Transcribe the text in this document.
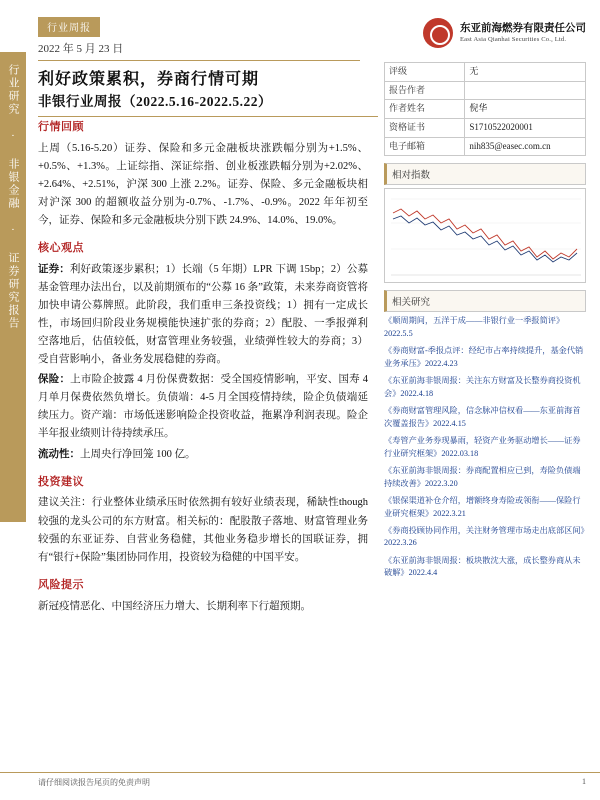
行业周报
2022 年 5 月 23 日
利好政策累积，券商行情可期
非银行业周报（2022.5.16-2022.5.22）
东亚前海燃券有限责任公司
East Asia Qianhai Securities Co., Ltd.
行业研究 · 非银金融 · 证券研究报告	评级	无
报告作者	
作者姓名	倪华
资格证书	S1710522020001
电子邮箱	nih835@easec.com.cn
相对指数
相关研究
《顺周期间，五洋于成——非银行业一季报简评》2022.5.5
《券商财富-季报点评：经纪市占率持续提升，基金代销业务承压》2022.4.23
《东亚前海非银周报：关注东方财富及长整券商投资机会》2022.4.18
《券商财富管理风险，信念脉冲信权看——东亚前海首次覆盖报告》2022.4.15
《寿管产业务券现暴雨，轻资产业务驱动增长——证券行业研究框架》2022.03.18
《东亚前海非银周报：券商配置相应已到，寿险负债端持续改善》2022.3.20
《银保渠道补仓介绍，增额终身寿险或领衔——保险行业研究框架》2022.3.21
《券商投顾协同作用，关注财务管理市场走出底部区间》2022.3.26
《东亚前海非银周报：板块散沈大涨，成长整券商从未破解》2022.4.4
行情回顾
上周（5.16-5.20）证券、保险和多元金融板块涨跌幅分别为+1.5%、+0.5%、+1.3%。上证综指、深证综指、创业板涨跌幅分别为+2.02%、+2.64%、+2.51%，沪深 300 上涨 2.2%。证券、保险、多元金融板块相对沪深 300 的超额收益分别为-0.7%、-1.7%、-0.9%。2022 年年初至今，证券、保险和多元金融板块分别下跌 24.9%、14.0%、19.0%。
核心观点
证券：利好政策逐步累积；1）长端（5 年期）LPR 下调 15bp；2）公募基金管理办法出台，以及前期颁布的“公募 16 条”政策，未来券商资管将加快申请公募牌照。此阶段，我们重申三条投资线；1）拥有一定成长性，市场回归阶段业务规模能快速扩张的券商；2）配股、一季报弹利空落地后，估值较低，财富管理业务较强，业绩弹性较大的券商；3）受自营影响小，备业务发展稳健的券商。
保险：上市险企披露 4 月份保费数据：受全国疫情影响，平安、国寿 4 月单月保费依然负增长。负债端：4-5 月全国疫情持续，险企负债端延续压力。资产端：市场低迷影响险企投资收益，拖累净利润表现。险企半年报业绩则计待持续承压。
流动性：上周央行净回笼 100 亿。
投资建议
建议关注：行业整体业绩承压时依然拥有较好业绩表现，稀缺性though较强的龙头公司的东方财富。相关标的：配股散子落地、财富管理业务较强的东亚证券、自营业务稳健，其他业务稳步增长的国联证券，拥有“银行+保险”集团协同作用，投资较为稳健的中国平安。
风险提示
新冠疫情恶化、中国经济压力增大、长期利率下行超预期。
请仔细阅读报告尾页的免责声明	1
